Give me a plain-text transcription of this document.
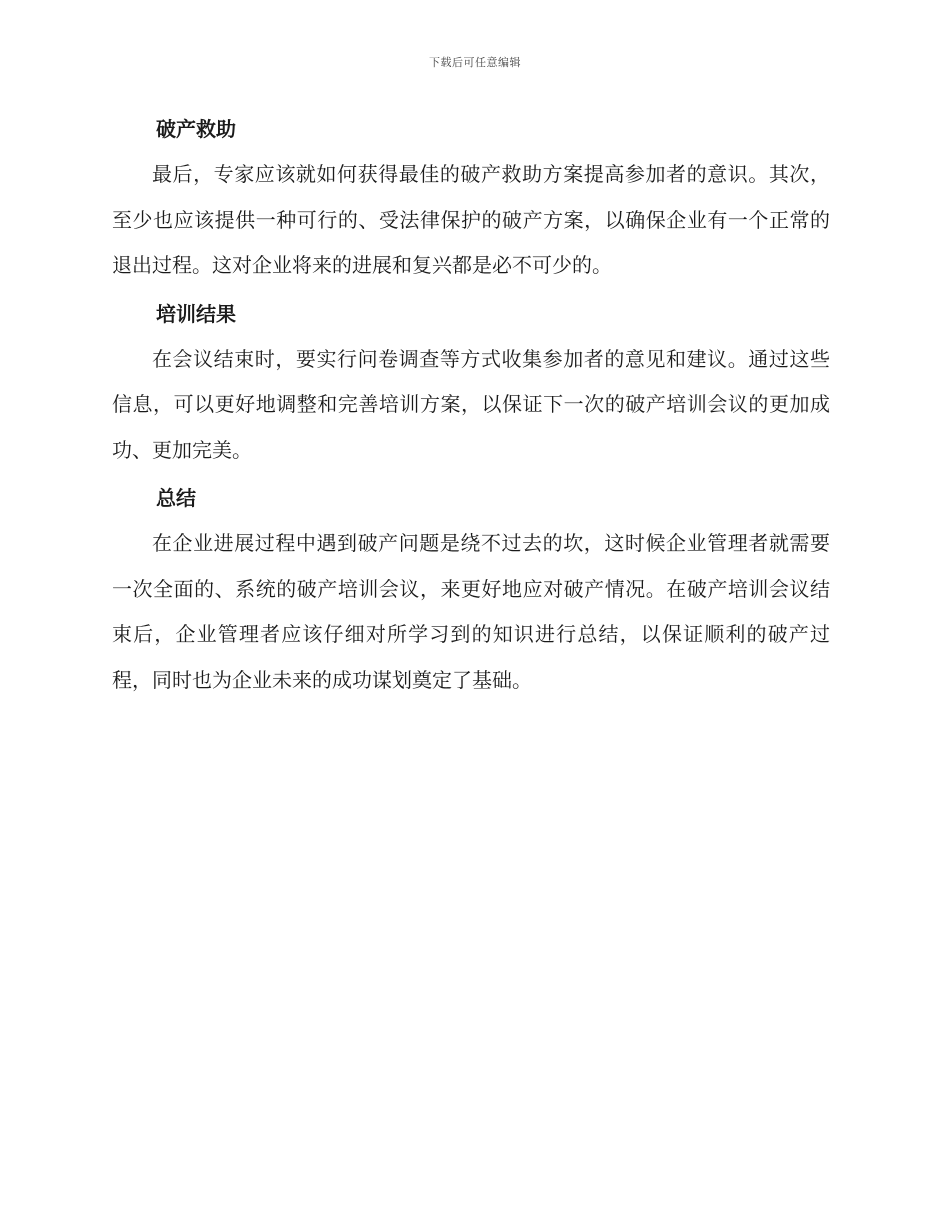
下载后可任意编辑
破产救助

最后，专家应该就如何获得最佳的破产救助方案提高参加者的意识。其次，至少也应该提供一种可行的、受法律保护的破产方案，以确保企业有一个正常的退出过程。这对企业将来的进展和复兴都是必不可少的。

培训结果

在会议结束时，要实行问卷调查等方式收集参加者的意见和建议。通过这些信息，可以更好地调整和完善培训方案，以保证下一次的破产培训会议的更加成功、更加完美。

总结

在企业进展过程中遇到破产问题是绕不过去的坎，这时候企业管理者就需要一次全面的、系统的破产培训会议，来更好地应对破产情况。在破产培训会议结束后，企业管理者应该仔细对所学习到的知识进行总结，以保证顺利的破产过程，同时也为企业未来的成功谋划奠定了基础。
